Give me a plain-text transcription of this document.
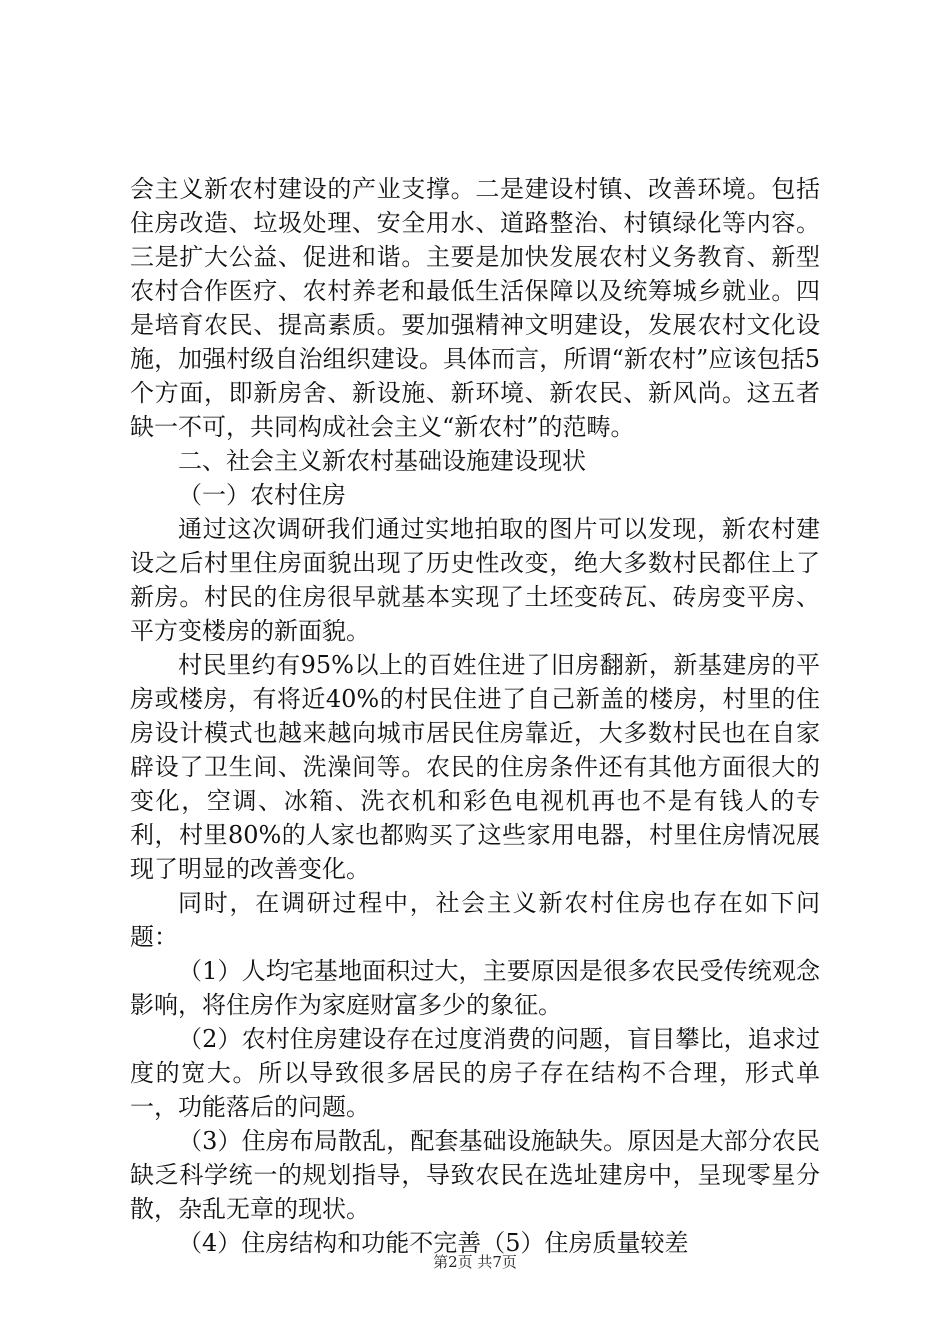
会主义新农村建设的产业支撑。二是建设村镇、改善环境。包括住房改造、垃圾处理、安全用水、道路整治、村镇绿化等内容。三是扩大公益、促进和谐。主要是加快发展农村义务教育、新型农村合作医疗、农村养老和最低生活保障以及统筹城乡就业。四是培育农民、提高素质。要加强精神文明建设，发展农村文化设施，加强村级自治组织建设。具体而言，所谓“新农村”应该包括5个方面，即新房舍、新设施、新环境、新农民、新风尚。这五者缺一不可，共同构成社会主义“新农村”的范畴。

二、社会主义新农村基础设施建设现状

（一）农村住房

通过这次调研我们通过实地拍取的图片可以发现，新农村建设之后村里住房面貌出现了历史性改变，绝大多数村民都住上了新房。村民的住房很早就基本实现了土坯变砖瓦、砖房变平房、平方变楼房的新面貌。

村民里约有95%以上的百姓住进了旧房翻新，新基建房的平房或楼房，有将近40%的村民住进了自己新盖的楼房，村里的住房设计模式也越来越向城市居民住房靠近，大多数村民也在自家辟设了卫生间、洗澡间等。农民的住房条件还有其他方面很大的变化，空调、冰箱、洗衣机和彩色电视机再也不是有钱人的专利，村里80%的人家也都购买了这些家用电器，村里住房情况展现了明显的改善变化。

同时，在调研过程中，社会主义新农村住房也存在如下问题：

（1）人均宅基地面积过大，主要原因是很多农民受传统观念影响，将住房作为家庭财富多少的象征。

（2）农村住房建设存在过度消费的问题，盲目攀比，追求过度的宽大。所以导致很多居民的房子存在结构不合理，形式单一，功能落后的问题。

（3）住房布局散乱，配套基础设施缺失。原因是大部分农民缺乏科学统一的规划指导，导致农民在选址建房中，呈现零星分散，杂乱无章的现状。

（4）住房结构和功能不完善（5）住房质量较差

第2页 共7页
